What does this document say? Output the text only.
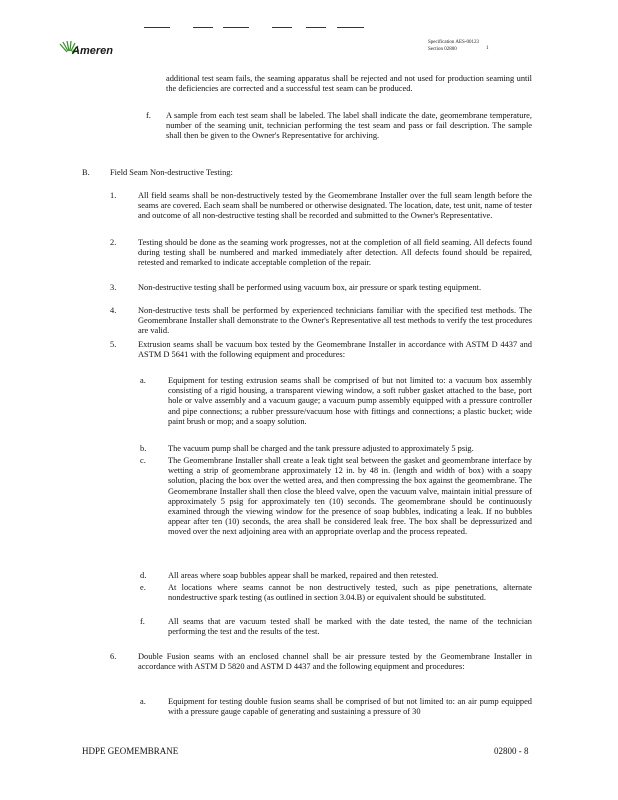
Ameren
Specification AES-00123
Section 02800	1
additional test seam fails, the seaming apparatus shall be rejected and not used for production seaming until the deficiencies are corrected and a successful test seam can be produced.
f. A sample from each test seam shall be labeled. The label shall indicate the date, geomembrane temperature, number of the seaming unit, technician performing the test seam and pass or fail description. The sample shall then be given to the Owner's Representative for archiving.
B. Field Seam Non-destructive Testing:
1.	All field seams shall be non-destructively tested by the Geomembrane Installer over the full seam length before the seams are covered. Each seam shall be numbered or otherwise designated. The location, date, test unit, name of tester and outcome of all non-destructive testing shall be recorded and submitted to the Owner's Representative.
2.	Testing should be done as the seaming work progresses, not at the completion of all field seaming. All defects found during testing shall be numbered and marked immediately after detection. All defects found should be repaired, retested and remarked to indicate acceptable completion of the repair.
3.	Non-destructive testing shall be performed using vacuum box, air pressure or spark testing equipment.
4.	Non-destructive tests shall be performed by experienced technicians familiar with the specified test methods. The Geomembrane Installer shall demonstrate to the Owner's Representative all test methods to verify the test procedures are valid.
5.	Extrusion seams shall be vacuum box tested by the Geomembrane Installer in accordance with ASTM D 4437 and ASTM D 5641 with the following equipment and procedures:
a.	Equipment for testing extrusion seams shall be comprised of but not limited to: a vacuum box assembly consisting of a rigid housing, a transparent viewing window, a soft rubber gasket attached to the base, port hole or valve assembly and a vacuum gauge; a vacuum pump assembly equipped with a pressure controller and pipe connections; a rubber pressure/vacuum hose with fittings and connections; a plastic bucket; wide paint brush or mop; and a soapy solution.
b.	The vacuum pump shall be charged and the tank pressure adjusted to approximately 5 psig.
c.	The Geomembrane Installer shall create a leak tight seal between the gasket and geomembrane interface by wetting a strip of geomembrane approximately 12 in. by 48 in. (length and width of box) with a soapy solution, placing the box over the wetted area, and then compressing the box against the geomembrane. The Geomembrane Installer shall then close the bleed valve, open the vacuum valve, maintain initial pressure of approximately 5 psig for approximately ten (10) seconds. The geomembrane should be continuously examined through the viewing window for the presence of soap bubbles, indicating a leak. If no bubbles appear after ten (10) seconds, the area shall be considered leak free. The box shall be depressurized and moved over the next adjoining area with an appropriate overlap and the process repeated.
d.	All areas where soap bubbles appear shall be marked, repaired and then retested.
e.	At locations where seams cannot be non destructively tested, such as pipe penetrations, alternate nondestructive spark testing (as outlined in section 3.04.B) or equivalent should be substituted.
f.	All seams that are vacuum tested shall be marked with the date tested, the name of the technician performing the test and the results of the test.
6.	Double Fusion seams with an enclosed channel shall be air pressure tested by the Geomembrane Installer in accordance with ASTM D 5820 and ASTM D 4437 and the following equipment and procedures:
a.	Equipment for testing double fusion seams shall be comprised of but not limited to: an air pump equipped with a pressure gauge capable of generating and sustaining a pressure of 30
HDPE GEOMEMBRANE	02800 - 8
